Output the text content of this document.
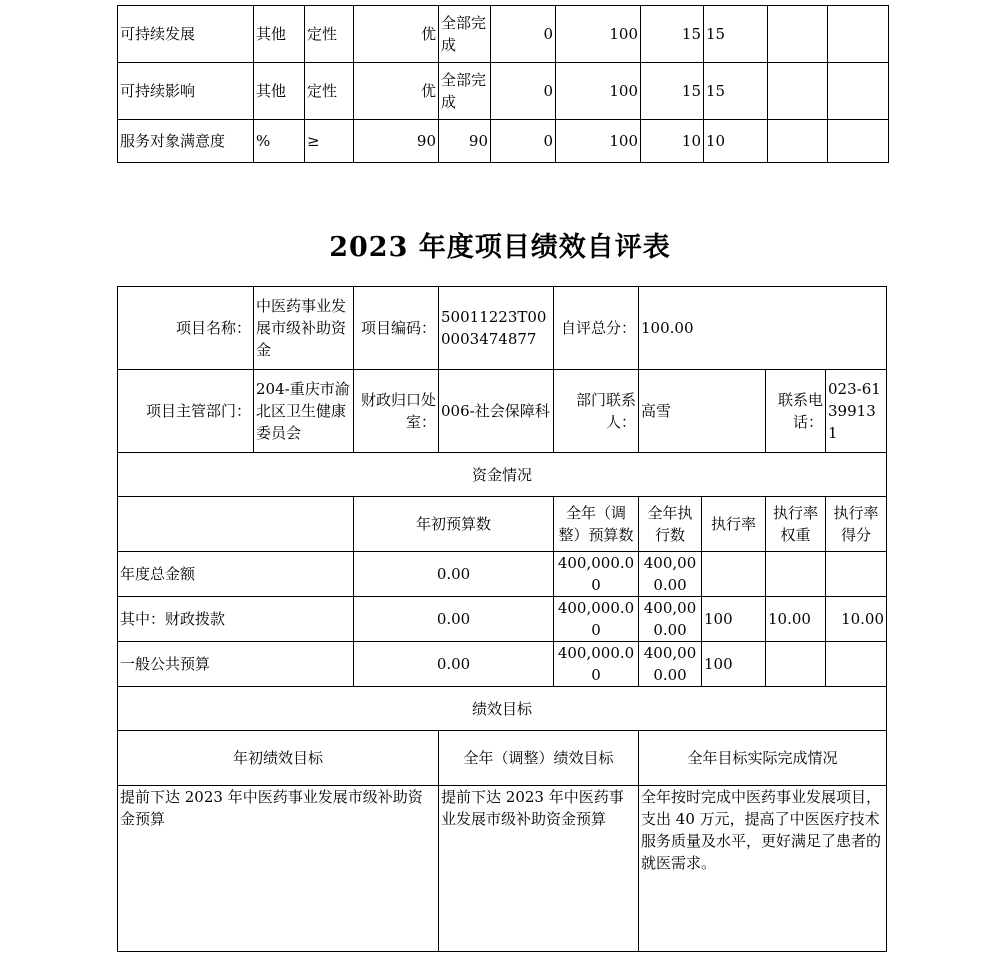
可持续发展	其他	定性	优	全部完成	0	100	15	15		
可持续影响	其他	定性	优	全部完成	0	100	15	15		
服务对象满意度	%	≥	90	90	0	100	10	10		
2023 年度项目绩效自评表
项目名称：	中医药事业发展市级补助资金	项目编码：	50011223T000003474877	自评总分：	100.00			
项目主管部门：	204-重庆市渝北区卫生健康委员会	财政归口处室：	006-社会保障科	部门联系人：	高雪		联系电话：	023-61399131
资金情况								
		年初预算数		全年（调整）预算数	全年执行数	执行率	执行率权重	执行率得分
年度总金额		0.00		400,000.00	400,000.00			
其中：财政拨款		0.00		400,000.00	400,000.00	100	10.00	10.00
一般公共预算		0.00		400,000.00	400,000.00	100		
绩效目标								
年初绩效目标			全年（调整）绩效目标		全年目标实际完成情况			
提前下达 2023 年中医药事业发展市级补助资金预算			提前下达 2023 年中医药事业发展市级补助资金预算		全年按时完成中医药事业发展项目，支出 40 万元，提高了中医医疗技术服务质量及水平，更好满足了患者的就医需求。			
